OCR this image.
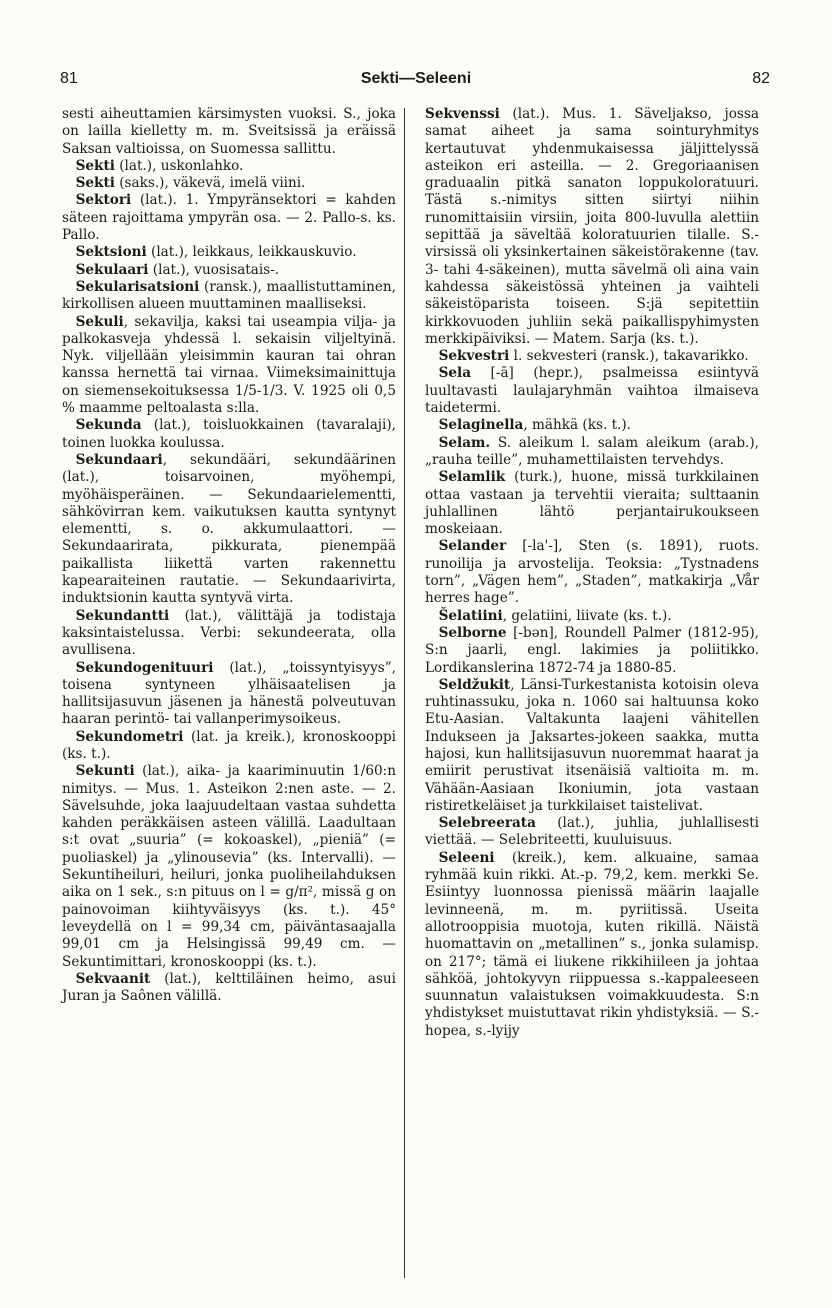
81	Sekti—Seleeni	82

sesti aiheuttamien kärsimysten vuoksi. S., joka on laillа kielletty m. m. Sveitsissä ja eräissä Saksan valtioissa, on Suomessa sallittu.

Sekti (lat.), uskonlahko.

Sekti (saks.), väkevä, imelä viini.

Sektori (lat.). 1. Ympyränsektori = kahden säteen rajoittama ympyrän osa. — 2. Pallo-s. ks. Pallo.

Sektsioni (lat.), leikkaus, leikkauskuvio.

Sekulaari (lat.), vuosisatais-.

Sekularisatsioni (ransk.), maallistuttaminen, kirkollisen alueen muuttaminen maalliseksi.

Sekuli, sekavilja, kaksi tai useampia vilja- ja palkokasveja yhdessä l. sekaisin viljeltyinä. Nyk. viljellään yleisimmin kauran tai ohran kanssa hernettä tai virnaa. Viimeksimainittuja on siemensekoituksessa 1/5-1/3. V. 1925 oli 0,5 % maamme peltoalasta s:lla.

Sekunda (lat.), toisluokkainen (tavaralaji), toinen luokka koulussa.

Sekundaari, sekundääri, sekundäärinen (lat.), toisarvoinen, myöhempi, myöhäisperäinen. — Sekundaarielementti, sähkövirran kem. vaikutuksen kautta syntynyt elementti, s. o. akkumulaattori. — Sekundaarirata, pikkurata, pienempää paikallista liikettä varten rakennettu kapearaiteinen rautatie. — Sekundaarivirta, induktsionin kautta syntyvä virta.

Sekundantti (lat.), välittäjä ja todistaja kaksintaistelussa. Verbi: sekundeerata, olla avullisena.

Sekundogenituuri (lat.), „toissyntyisyys”, toisena syntyneen ylhäisaatelisen ja hallitsijasuvun jäsenen ja hänestä polveutuvan haaran perintö- tai vallanperimysoikeus.

Sekundometri (lat. ja kreik.), kronoskooppi (ks. t.).

Sekunti (lat.), aika- ja kaariminuutin 1/60:n nimitys. — Mus. 1. Asteikon 2:nen aste. — 2. Sävelsuhde, joka laajuudeltaan vastaa suhdetta kahden peräkkäisen asteen välillä. Laadultaan s:t ovat „suuria” (= kokoaskel), „pieniä” (= puoliaskel) ja „ylinousevia” (ks. Intervalli). — Sekuntiheiluri, heiluri, jonka puoliheilahduksen aika on 1 sek., s:n pituus on l = g/π², missä g on painovoiman kiihtyväisyys (ks. t.). 45° leveydellä on l = 99,34 cm, päiväntasaajalla 99,01 cm ja Helsingissä 99,49 cm. — Sekuntimittari, kronoskooppi (ks. t.).

Sekvaanit (lat.), kelttiläinen heimo, asui Juran ja Saônen välillä.

Sekvenssi (lat.). Mus. 1. Säveljakso, jossa samat aiheet ja sama sointuryhmitys kertautuvat yhdenmukaisessa jäljittelyssä asteikon eri asteilla. — 2. Gregoriaanisen graduaalin pitkä sanaton loppukoloratuuri. Tästä s.-nimitys sitten siirtyi niihin runomittaisiin virsiin, joita 800-luvulla alettiin sepittää ja säveltää koloratuurien tilalle. S.-virsissä oli yksinkertainen säkeistörakenne (tav. 3- tahi 4-säkeinen), mutta sävelmä oli aina vain kahdessa säkeistössä yhteinen ja vaihteli säkeistöparista toiseen. S:jä sepitettiin kirkkovuoden juhliin sekä paikallispyhimysten merkkipäiviksi. — Matem. Sarja (ks. t.).

Sekvestri l. sekvesteri (ransk.), takavarikko.

Sela [-ā] (hepr.), psalmeissa esiintyvä luultavasti laulajaryhmän vaihtoa ilmaiseva taidetermi.

Selaginella, mähkä (ks. t.).

Selam. S. aleikum l. salam aleikum (arab.), „rauha teille”, muhamettilaisten tervehdys.

Selamlik (turk.), huone, missä turkkilainen ottaa vastaan ja tervehtii vieraita; sulttaanin juhlallinen lähtö perjantairukoukseen moskeiaan.

Selander [-la'-], Sten (s. 1891), ruots. runoilija ja arvostelija. Teoksia: „Tystnadens torn”, „Vägen hem”, „Staden”, matkakirja „Vår herres hage”.

Šelatiini, gelatiini, liivate (ks. t.).

Selborne [-bən], Roundell Palmer (1812-95), S:n jaarli, engl. lakimies ja poliitikko. Lordikanslerina 1872-74 ja 1880-85.

Seldžukit, Länsi-Turkestanista kotoisin oleva ruhtinassuku, joka n. 1060 sai haltuunsa koko Etu-Aasian. Valtakunta laajeni vähitellen Indukseen ja Jaksartes-jokeen saakka, mutta hajosi, kun hallitsijasuvun nuoremmat haarat ja emiirit perustivat itsenäisiä valtioita m. m. Vähään-Aasiaan Ikoniumin, jota vastaan ristiretkeläiset ja turkkilaiset taistelivat.

Selebreerata (lat.), juhlia, juhlallisesti viettää. — Selebriteetti, kuuluisuus.

Seleeni (kreik.), kem. alkuaine, samaa ryhmää kuin rikki. At.-p. 79,2, kem. merkki Se. Esiintyy luonnossa pienissä määrin laajalle levinneenä, m. m. pyriitissä. Useita allotrooppisia muotoja, kuten rikillä. Näistä huomattavin on „metallinen” s., jonka sulamisp. on 217°; tämä ei liukene rikkihiileen ja johtaa sähköä, johtokyvyn riippuessa s.-kappaleeseen suunnatun valaistuksen voimakkuudesta. S:n yhdistykset muistuttavat rikin yhdistyksiä. — S.-hopea, s.-lyijy
